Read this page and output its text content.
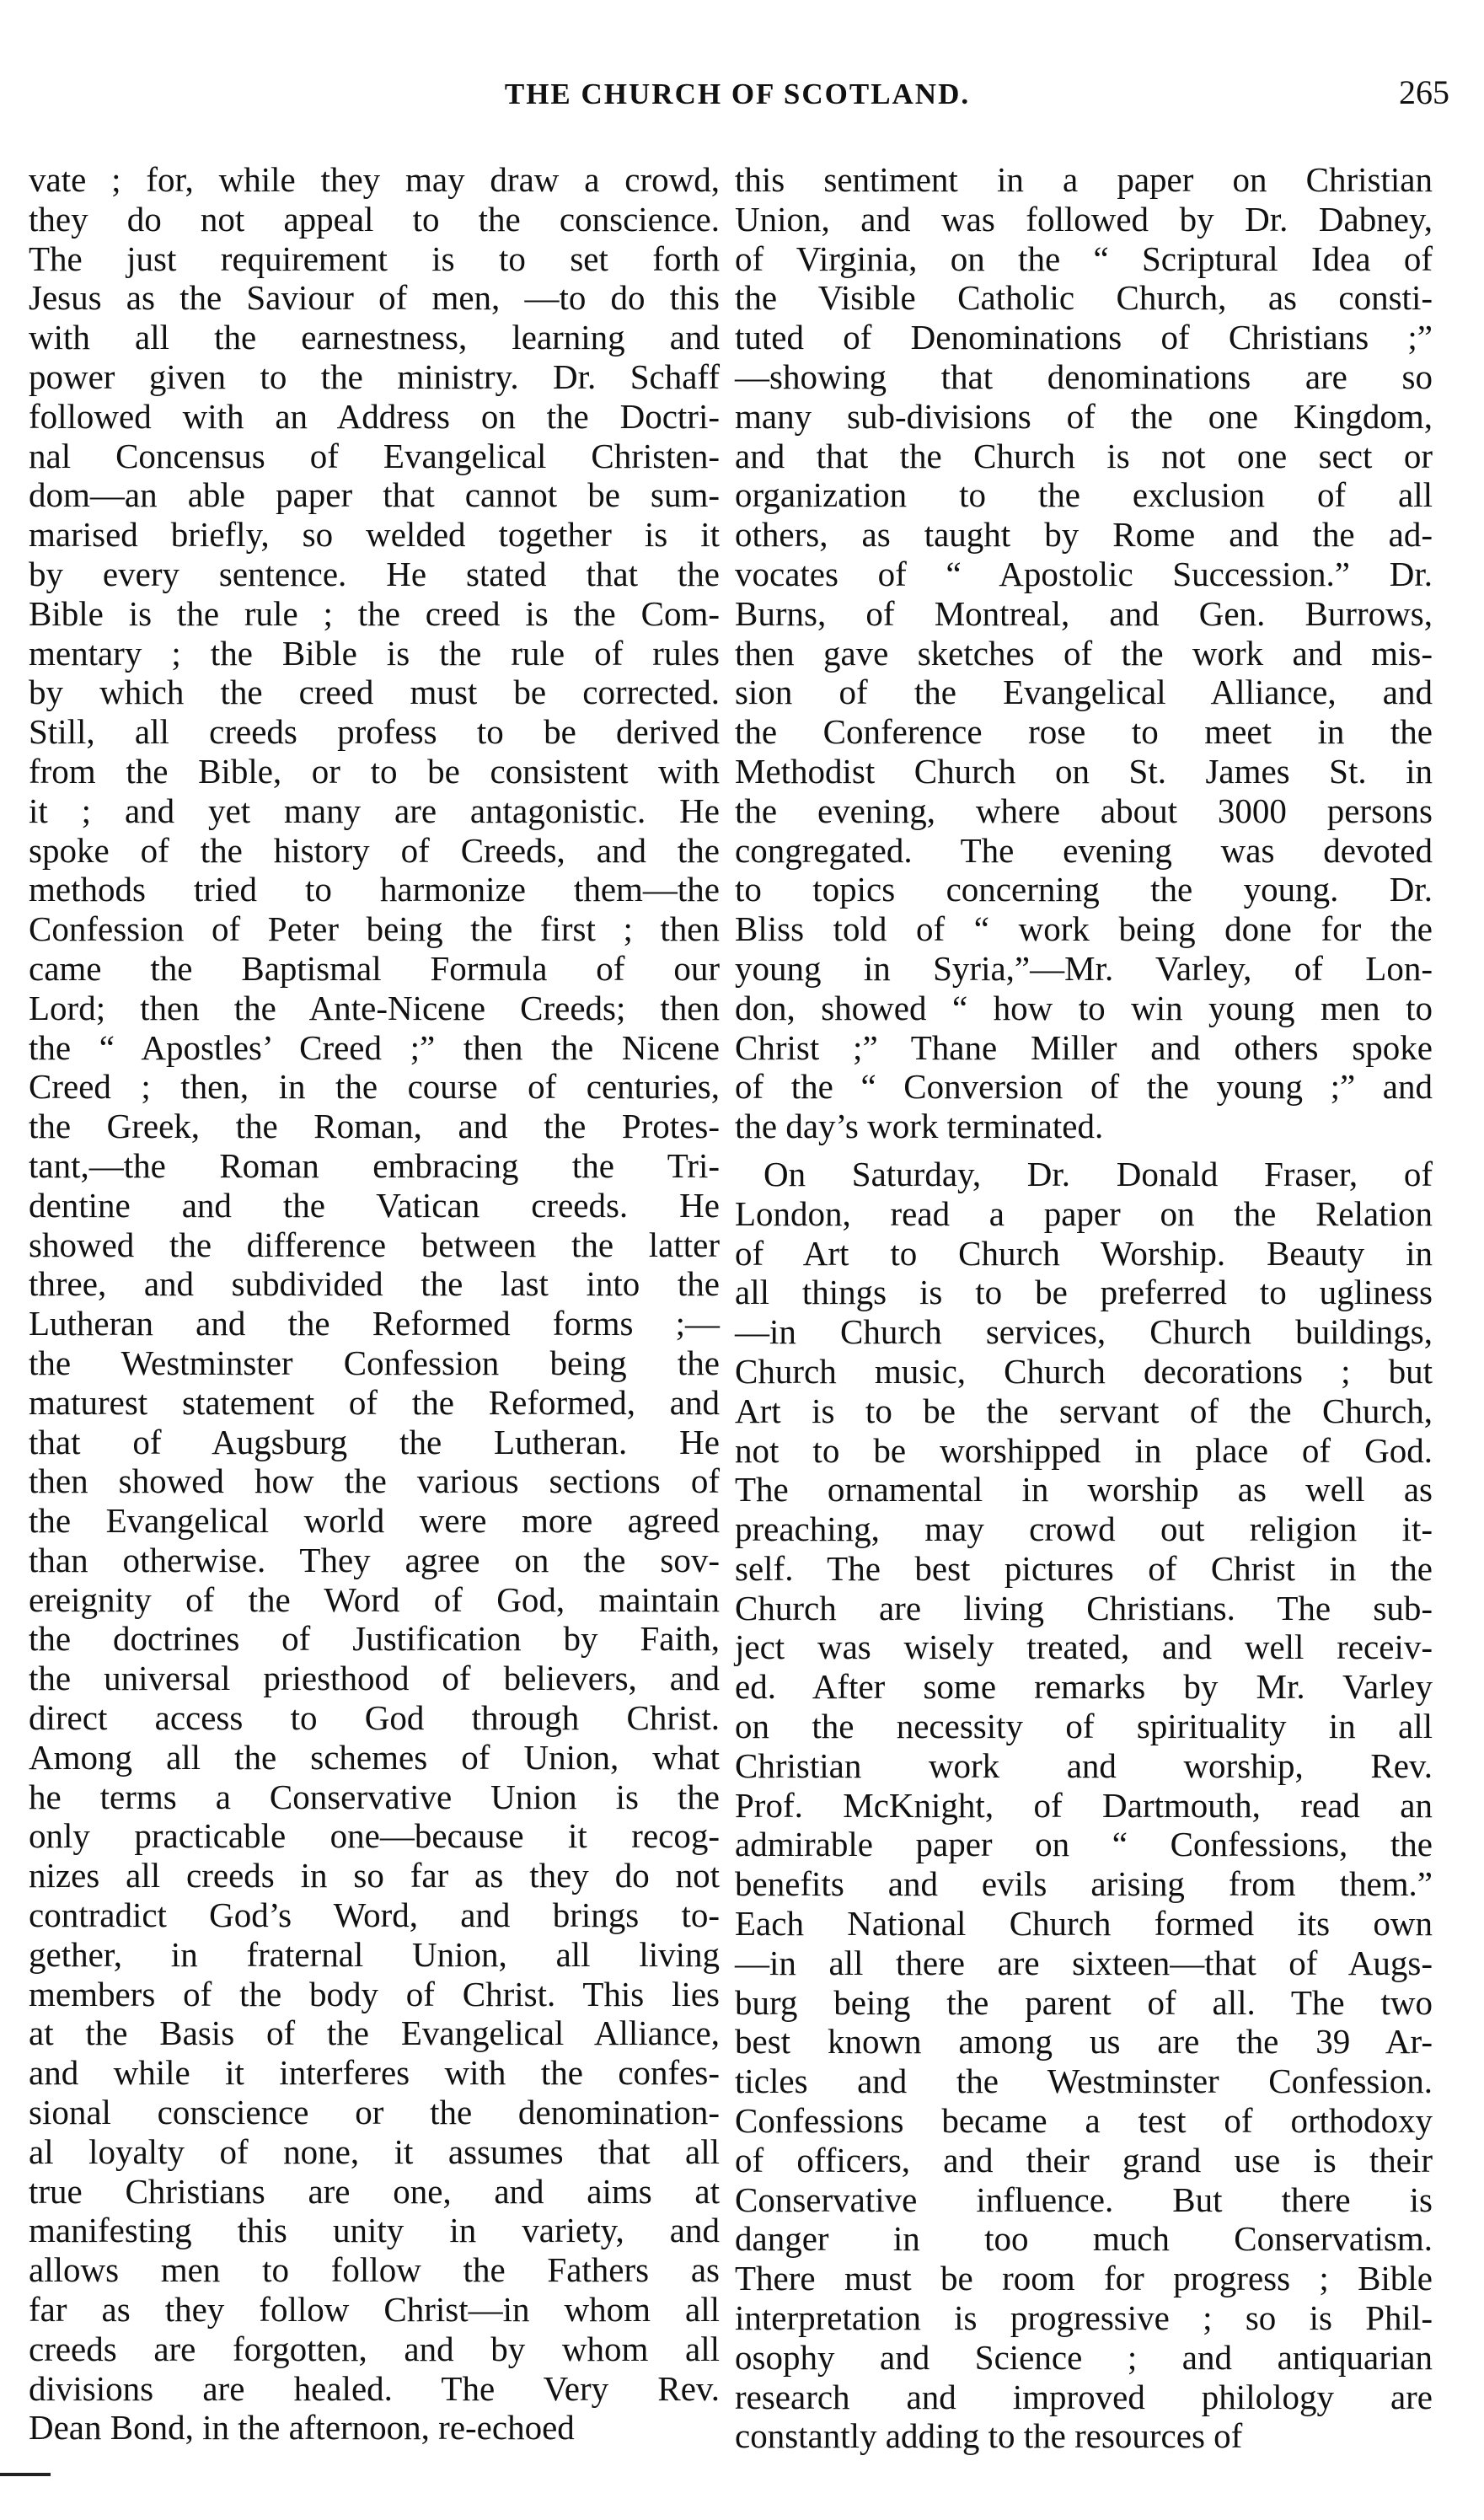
THE CHURCH OF SCOTLAND.	265
vate ; for, while they may draw a crowd,
they do not appeal to the conscience.
The just requirement is to set forth
Jesus as the Saviour of men, —to do this
with all the earnestness, learning and
power given to the ministry. Dr. Schaff
followed with an Address on the Doctri-
nal Concensus of Evangelical Christen-
dom—an able paper that cannot be sum-
marised briefly, so welded together is it
by every sentence. He stated that the
Bible is the rule ; the creed is the Com-
mentary ; the Bible is the rule of rules
by which the creed must be corrected.
Still, all creeds profess to be derived
from the Bible, or to be consistent with
it ; and yet many are antagonistic. He
spoke of the history of Creeds, and the
methods tried to harmonize them—the
Confession of Peter being the first ; then
came the Baptismal Formula of our
Lord; then the Ante-Nicene Creeds; then
the “ Apostles’ Creed ;” then the Nicene
Creed ; then, in the course of centuries,
the Greek, the Roman, and the Protes-
tant,—the Roman embracing the Tri-
dentine and the Vatican creeds. He
showed the difference between the latter
three, and subdivided the last into the
Lutheran and the Reformed forms ;—
the Westminster Confession being the
maturest statement of the Reformed, and
that of Augsburg the Lutheran. He
then showed how the various sections of
the Evangelical world were more agreed
than otherwise. They agree on the sov-
ereignity of the Word of God, maintain
the doctrines of Justification by Faith,
the universal priesthood of believers, and
direct access to God through Christ.
Among all the schemes of Union, what
he terms a Conservative Union is the
only practicable one—because it recog-
nizes all creeds in so far as they do not
contradict God’s Word, and brings to-
gether, in fraternal Union, all living
members of the body of Christ. This lies
at the Basis of the Evangelical Alliance,
and while it interferes with the confes-
sional conscience or the denomination-
al loyalty of none, it assumes that all
true Christians are one, and aims at
manifesting this unity in variety, and
allows men to follow the Fathers as
far as they follow Christ—in whom all
creeds are forgotten, and by whom all
divisions are healed. The Very Rev.
Dean Bond, in the afternoon, re-echoed
this sentiment in a paper on Christian
Union, and was followed by Dr. Dabney,
of Virginia, on the “ Scriptural Idea of
the Visible Catholic Church, as consti-
tuted of Denominations of Christians ;”
—showing that denominations are so
many sub-divisions of the one Kingdom,
and that the Church is not one sect or
organization to the exclusion of all
others, as taught by Rome and the ad-
vocates of “ Apostolic Succession.” Dr.
Burns, of Montreal, and Gen. Burrows,
then gave sketches of the work and mis-
sion of the Evangelical Alliance, and
the Conference rose to meet in the
Methodist Church on St. James St. in
the evening, where about 3000 persons
congregated. The evening was devoted
to topics concerning the young. Dr.
Bliss told of “ work being done for the
young in Syria,”—Mr. Varley, of Lon-
don, showed “ how to win young men to
Christ ;” Thane Miller and others spoke
of the “ Conversion of the young ;” and
the day’s work terminated.
On Saturday, Dr. Donald Fraser, of
London, read a paper on the Relation
of Art to Church Worship. Beauty in
all things is to be preferred to ugliness
—in Church services, Church buildings,
Church music, Church decorations ; but
Art is to be the servant of the Church,
not to be worshipped in place of God.
The ornamental in worship as well as
preaching, may crowd out religion it-
self. The best pictures of Christ in the
Church are living Christians. The sub-
ject was wisely treated, and well receiv-
ed. After some remarks by Mr. Varley
on the necessity of spirituality in all
Christian work and worship, Rev.
Prof. McKnight, of Dartmouth, read an
admirable paper on “ Confessions, the
benefits and evils arising from them.”
Each National Church formed its own
—in all there are sixteen—that of Augs-
burg being the parent of all. The two
best known among us are the 39 Ar-
ticles and the Westminster Confession.
Confessions became a test of orthodoxy
of officers, and their grand use is their
Conservative influence. But there is
danger in too much Conservatism.
There must be room for progress ; Bible
interpretation is progressive ; so is Phil-
osophy and Science ; and antiquarian
research and improved philology are
constantly adding to the resources of
